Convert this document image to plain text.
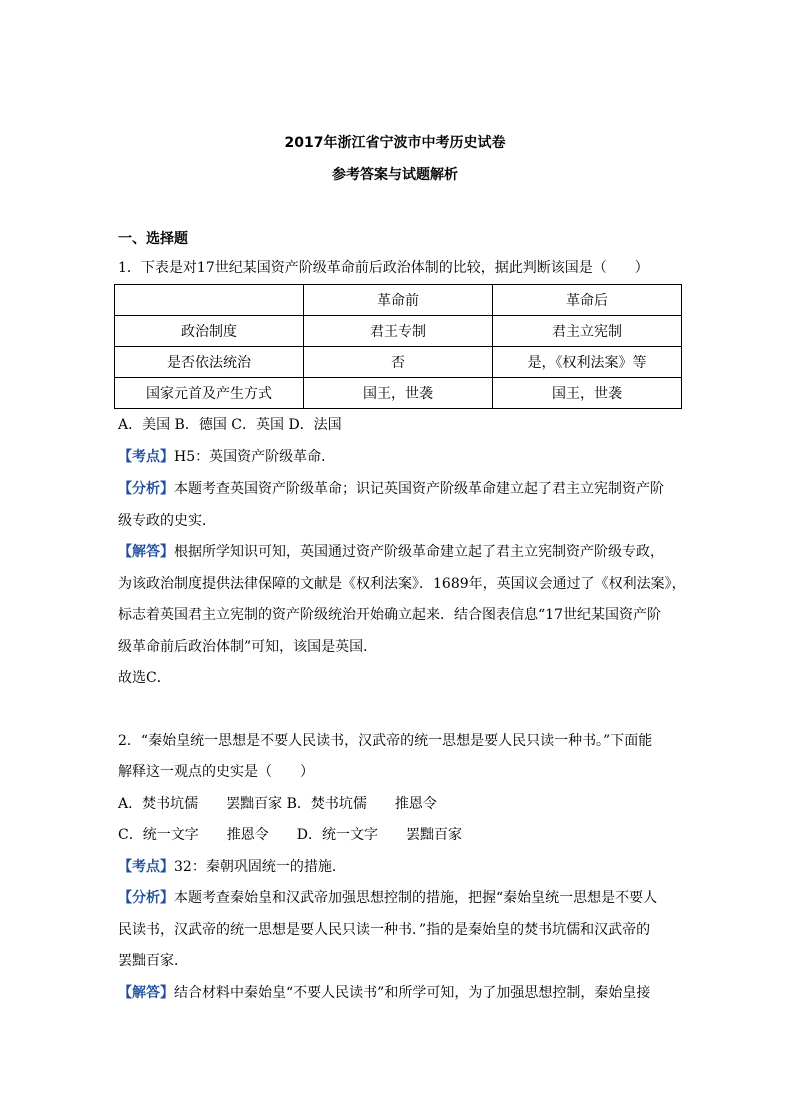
2017年浙江省宁波市中考历史试卷
参考答案与试题解析
一、选择题
1．下表是对17世纪某国资产阶级革命前后政治体制的比较，据此判断该国是（　　）
	革命前	革命后
政治制度	君王专制	君主立宪制
是否依法统治	否	是，《权利法案》等
国家元首及产生方式	国王，世袭	国王，世袭
A．美国 B．德国 C．英国 D．法国
【考点】H5：英国资产阶级革命．
【分析】本题考查英国资产阶级革命；识记英国资产阶级革命建立起了君主立宪制资产阶
级专政的史实．
【解答】根据所学知识可知，英国通过资产阶级革命建立起了君主立宪制资产阶级专政，
为该政治制度提供法律保障的文献是《权利法案》．1689年，英国议会通过了《权利法案》，
标志着英国君主立宪制的资产阶级统治开始确立起来．结合图表信息“17世纪某国资产阶
级革命前后政治体制”可知，该国是英国．
故选C．
2．“秦始皇统一思想是不要人民读书，汉武帝的统一思想是要人民只读一种书。”下面能
解释这一观点的史实是（　　）
A．焚书坑儒　　罢黜百家 B．焚书坑儒　　推恩令
C．统一文字　　推恩令 D．统一文字　　罢黜百家
【考点】32：秦朝巩固统一的措施．
【分析】本题考查秦始皇和汉武帝加强思想控制的措施，把握“秦始皇统一思想是不要人
民读书，汉武帝的统一思想是要人民只读一种书．”指的是秦始皇的焚书坑儒和汉武帝的
罢黜百家．
【解答】结合材料中秦始皇“不要人民读书”和所学可知，为了加强思想控制，秦始皇接
